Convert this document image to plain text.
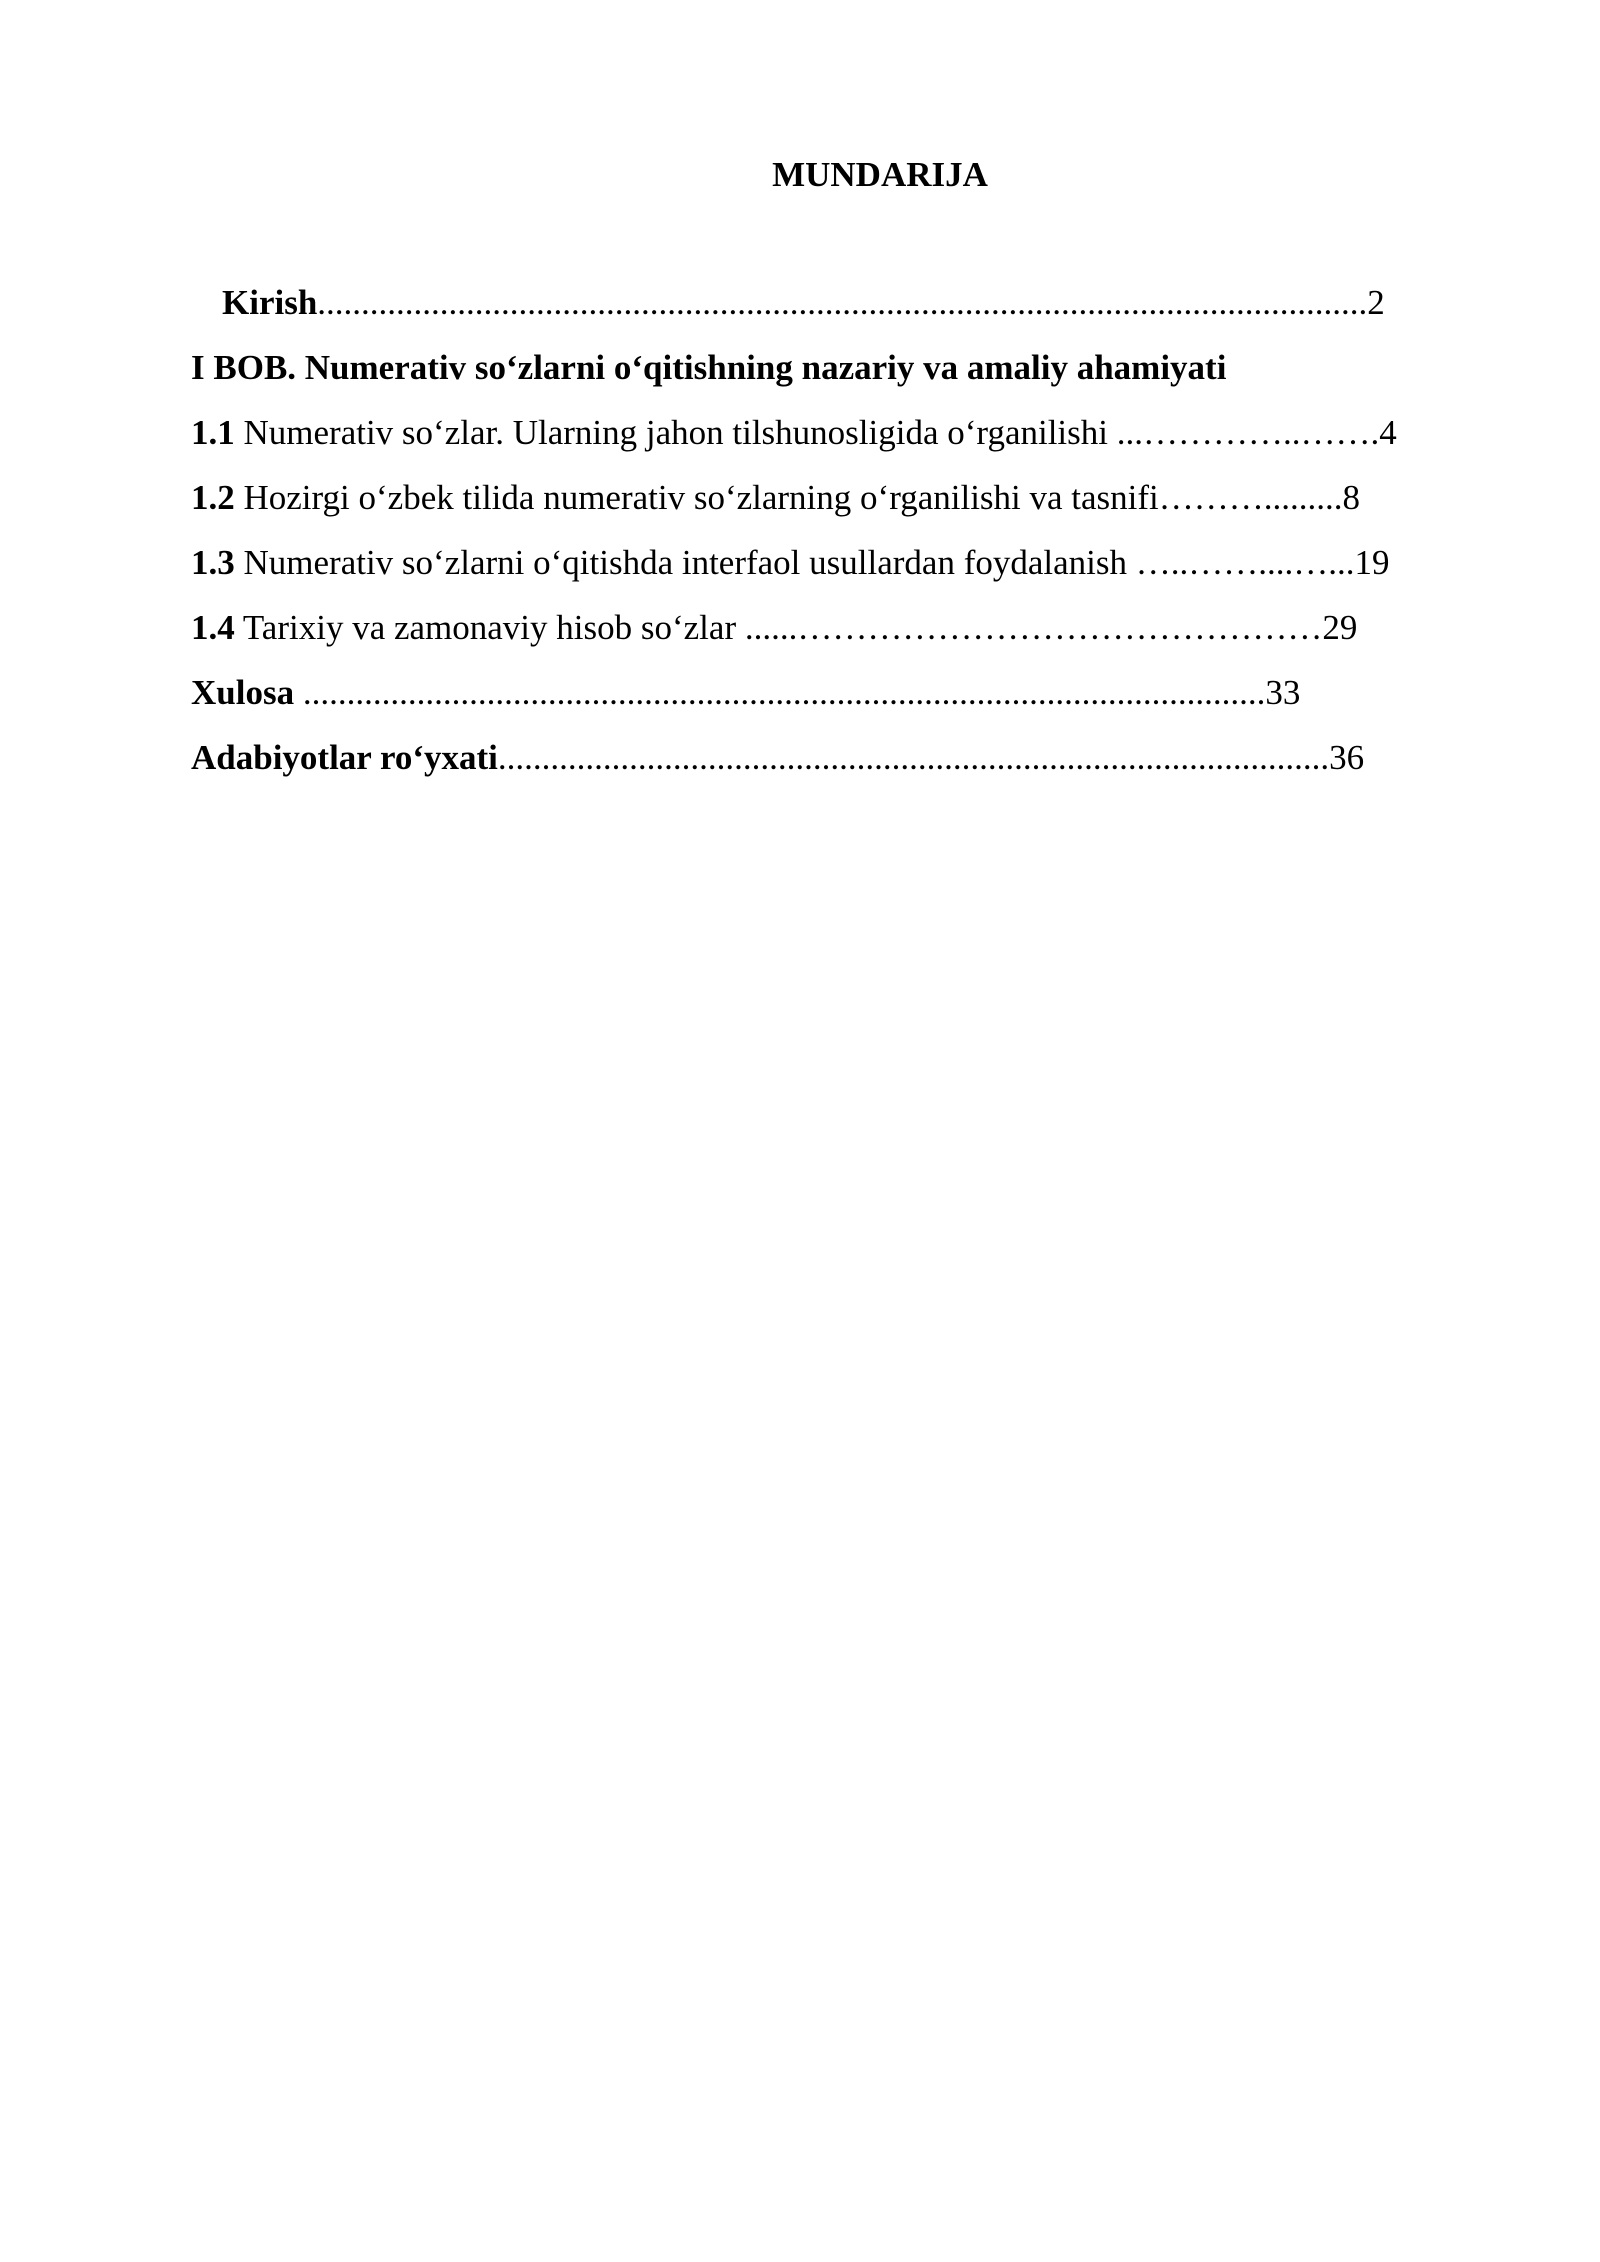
MUNDARIJA
Kirish........................................................................................................................2
I BOB. Numerativ so‘zlarni o‘qitishning nazariy va amaliy ahamiyati
1.1 Numerativ so‘zlar. Ularning jahon tilshunosligida o‘rganilishi ...…………..…….4
1.2 Hozirgi o‘zbek tilida numerativ so‘zlarning o‘rganilishi va tasnifi……….........8
1.3 Numerativ so‘zlarni o‘qitishda interfaol usullardan foydalanish …..……....…...19
1.4 Tarixiy va zamonaviy hisob so‘zlar ......………………………………………29
Xulosa ..............................................................................................................33
Adabiyotlar ro‘yxati...............................................................................................36
